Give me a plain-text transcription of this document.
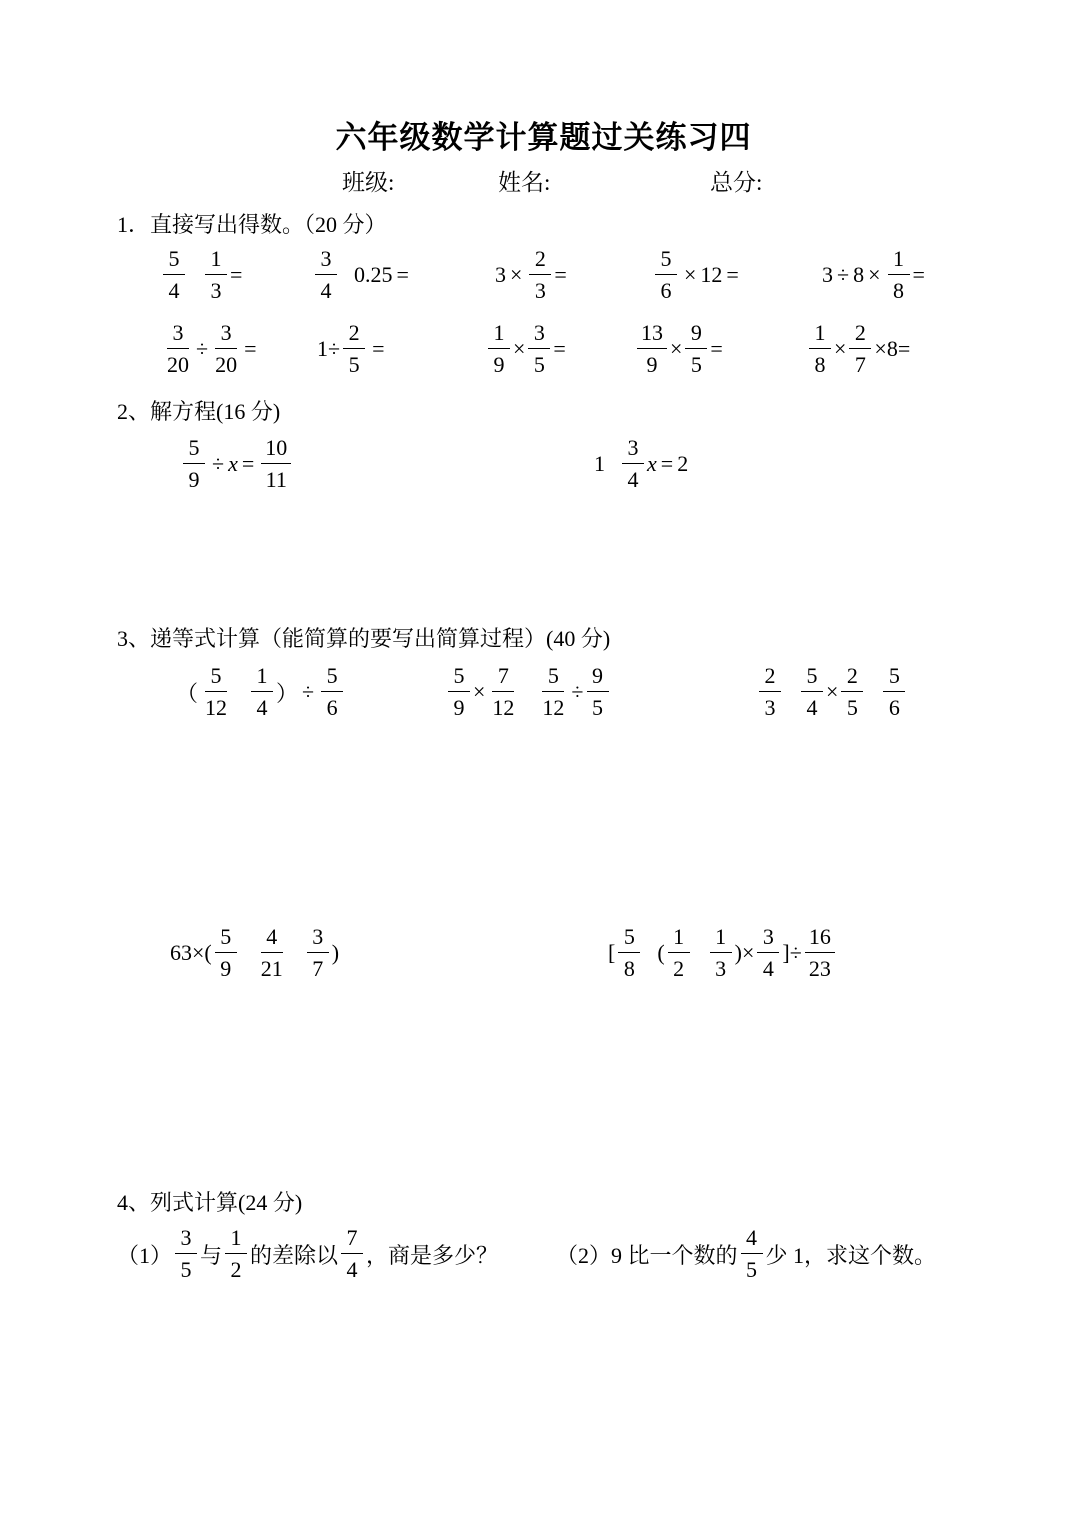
六年级数学计算题过关练习四
班级:	姓名:	总分:
1．直接写出得数。（20 分）
$\frac{5}{4} \frac{1}{3}$ =	$\frac{3}{4} 0.25$ =	$3 \times \frac{2}{3}$ =	$\frac{5}{6} \times 12$ =	$3 \div 8 \times \frac{1}{8}$ =
$\frac{3}{20} \div \frac{3}{20}$ =	$1 \div \frac{2}{5}$ =	$\frac{1}{9} \times \frac{3}{5}$ =	$\frac{13}{9} \times \frac{9}{5}$ =	$\frac{1}{8} \times \frac{2}{7} \times 8$ =
2、解方程(16 分)
$\frac{5}{9} \div x = \frac{10}{11}$	$1 \frac{3}{4}$ x = 2
3、递等式计算（能简算的要写出简算过程）(40 分)
（ $\frac{5}{12} \frac{1}{4}$ ） ÷ $\frac{5}{6}$	$\frac{5}{9} \times \frac{7}{12} \frac{5}{12} \div \frac{9}{5}$	$\frac{2}{3} \frac{5}{4} \times \frac{2}{5} \frac{5}{6}$
63 × ( $\frac{5}{9} \frac{4}{21} \frac{3}{7}$ )	[ $\frac{5}{8}$ ( $\frac{1}{2} \frac{1}{3}$ ) × $\frac{3}{4}$ ] ÷ $\frac{16}{23}$
4、列式计算(24 分)
$(1) \frac{3}{5}$ 与 $\frac{1}{2}$ 的差除以 $\frac{7}{4}$ ，商是多少？	（2）9 比一个数的 $\frac{4}{5}$ 少 1，求这个数。
